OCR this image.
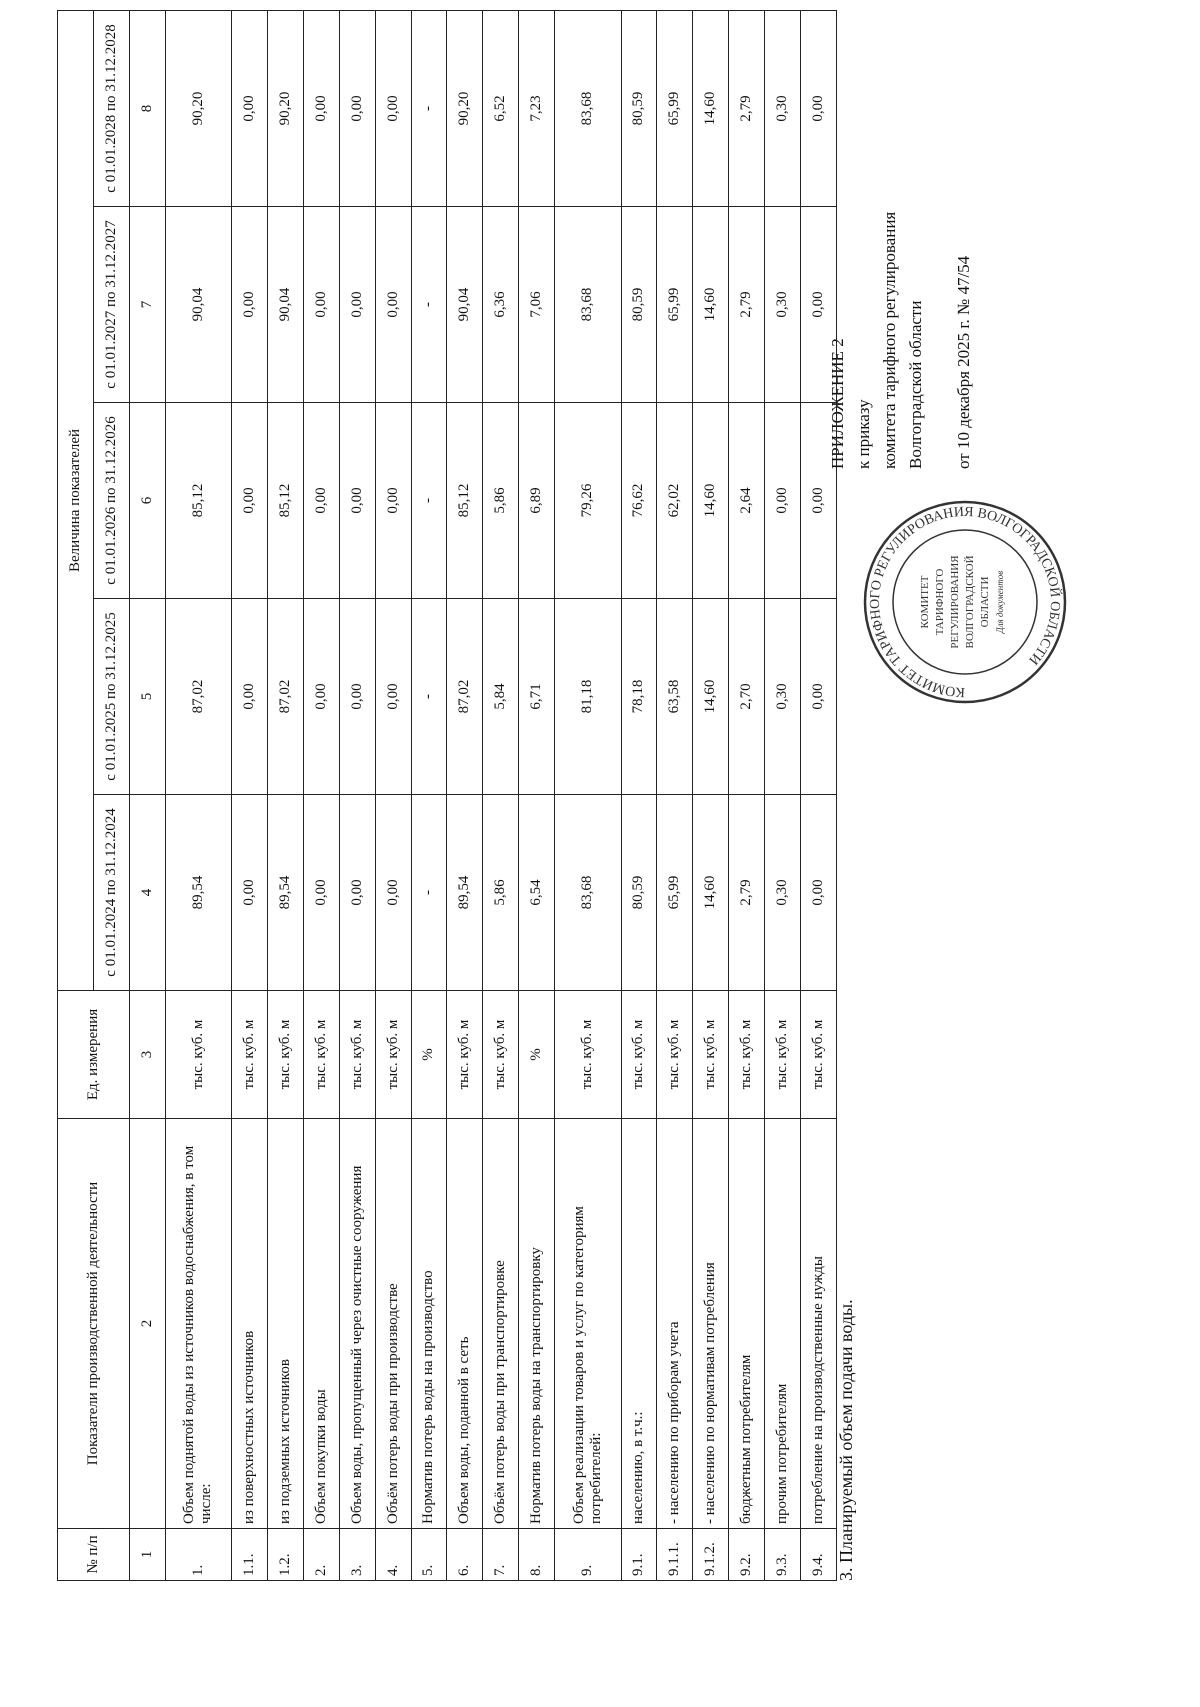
ПРИЛОЖЕНИЕ 2 к приказу комитета тарифного регулирования Волгоградской области от 10 декабря 2025 г. № 47/54
КОМИТЕТ ТАРИФНОГО РЕГУЛИРОВАНИЯ ВОЛГОГРАДСКОЙ ОБЛАСТИ
КОМИТЕТ ТАРИФНОГО РЕГУЛИРОВАНИЯ ВОЛГОГРАДСКОЙ ОБЛАСТИ Для документов
3. Планируемый объем подачи воды.
№ п/п	Показатели производственной деятельности	Ед. измерения	Величина показателей				
			с 01.01.2024 по 31.12.2024	с 01.01.2025 по 31.12.2025	с 01.01.2026 по 31.12.2026	с 01.01.2027 по 31.12.2027	с 01.01.2028 по 31.12.2028
1	2	3	4	5	6	7	8
1.	Объем поднятой воды из источников водоснабжения, в том числе:	тыс. куб. м	89,54	87,02	85,12	90,04	90,20
1.1.	из поверхностных источников	тыс. куб. м	0,00	0,00	0,00	0,00	0,00
1.2.	из подземных источников	тыс. куб. м	89,54	87,02	85,12	90,04	90,20
2.	Объем покупки воды	тыс. куб. м	0,00	0,00	0,00	0,00	0,00
3.	Объем воды, пропущенный через очистные сооружения	тыс. куб. м	0,00	0,00	0,00	0,00	0,00
4.	Объём потерь воды при производстве	тыс. куб. м	0,00	0,00	0,00	0,00	0,00
5.	Норматив потерь воды на производство	%	-	-	-	-	-
6.	Объем воды, поданной в сеть	тыс. куб. м	89,54	87,02	85,12	90,04	90,20
7.	Объём потерь воды при транспортировке	тыс. куб. м	5,86	5,84	5,86	6,36	6,52
8.	Норматив потерь воды на транспортировку	%	6,54	6,71	6,89	7,06	7,23
9.	Объем реализации товаров и услуг по категориям потребителей:	тыс. куб. м	83,68	81,18	79,26	83,68	83,68
9.1.	населению, в т.ч.:	тыс. куб. м	80,59	78,18	76,62	80,59	80,59
9.1.1.	- населению по приборам учета	тыс. куб. м	65,99	63,58	62,02	65,99	65,99
9.1.2.	- населению по нормативам потребления	тыс. куб. м	14,60	14,60	14,60	14,60	14,60
9.2.	бюджетным потребителям	тыс. куб. м	2,79	2,70	2,64	2,79	2,79
9.3.	прочим потребителям	тыс. куб. м	0,30	0,30	0,00	0,30	0,30
9.4.	потребление на производственные нужды	тыс. куб. м	0,00	0,00	0,00	0,00	0,00
